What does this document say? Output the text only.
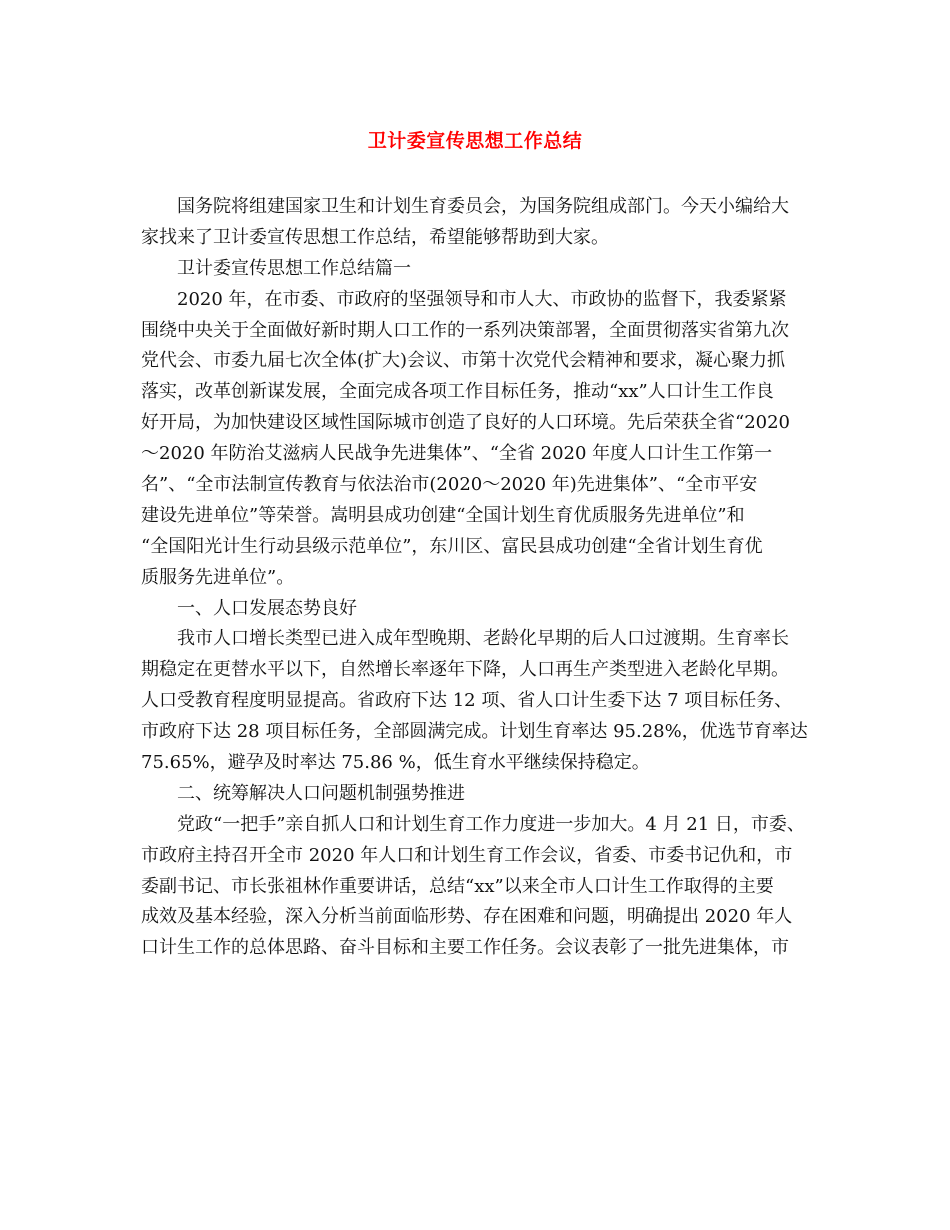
卫计委宣传思想工作总结
国务院将组建国家卫生和计划生育委员会，为国务院组成部门。今天小编给大
家找来了卫计委宣传思想工作总结，希望能够帮助到大家。
卫计委宣传思想工作总结篇一
2020 年，在市委、市政府的坚强领导和市人大、市政协的监督下，我委紧紧
围绕中央关于全面做好新时期人口工作的一系列决策部署，全面贯彻落实省第九次
党代会、市委九届七次全体(扩大)会议、市第十次党代会精神和要求，凝心聚力抓
落实，改革创新谋发展，全面完成各项工作目标任务，推动“xx”人口计生工作良
好开局，为加快建设区域性国际城市创造了良好的人口环境。先后荣获全省“2020
～2020 年防治艾滋病人民战争先进集体”、“全省 2020 年度人口计生工作第一
名”、“全市法制宣传教育与依法治市(2020～2020 年)先进集体”、“全市平安
建设先进单位”等荣誉。嵩明县成功创建“全国计划生育优质服务先进单位”和
“全国阳光计生行动县级示范单位”，东川区、富民县成功创建“全省计划生育优
质服务先进单位”。
一、人口发展态势良好
我市人口增长类型已进入成年型晚期、老龄化早期的后人口过渡期。生育率长
期稳定在更替水平以下，自然增长率逐年下降，人口再生产类型进入老龄化早期。
人口受教育程度明显提高。省政府下达 12 项、省人口计生委下达 7 项目标任务、
市政府下达 28 项目标任务，全部圆满完成。计划生育率达 95.28%，优选节育率达
75.65%，避孕及时率达 75.86 %，低生育水平继续保持稳定。
二、统筹解决人口问题机制强势推进
党政“一把手”亲自抓人口和计划生育工作力度进一步加大。4 月 21 日，市委、
市政府主持召开全市 2020 年人口和计划生育工作会议，省委、市委书记仇和，市
委副书记、市长张祖林作重要讲话，总结“xx”以来全市人口计生工作取得的主要
成效及基本经验，深入分析当前面临形势、存在困难和问题，明确提出 2020 年人
口计生工作的总体思路、奋斗目标和主要工作任务。会议表彰了一批先进集体，市
